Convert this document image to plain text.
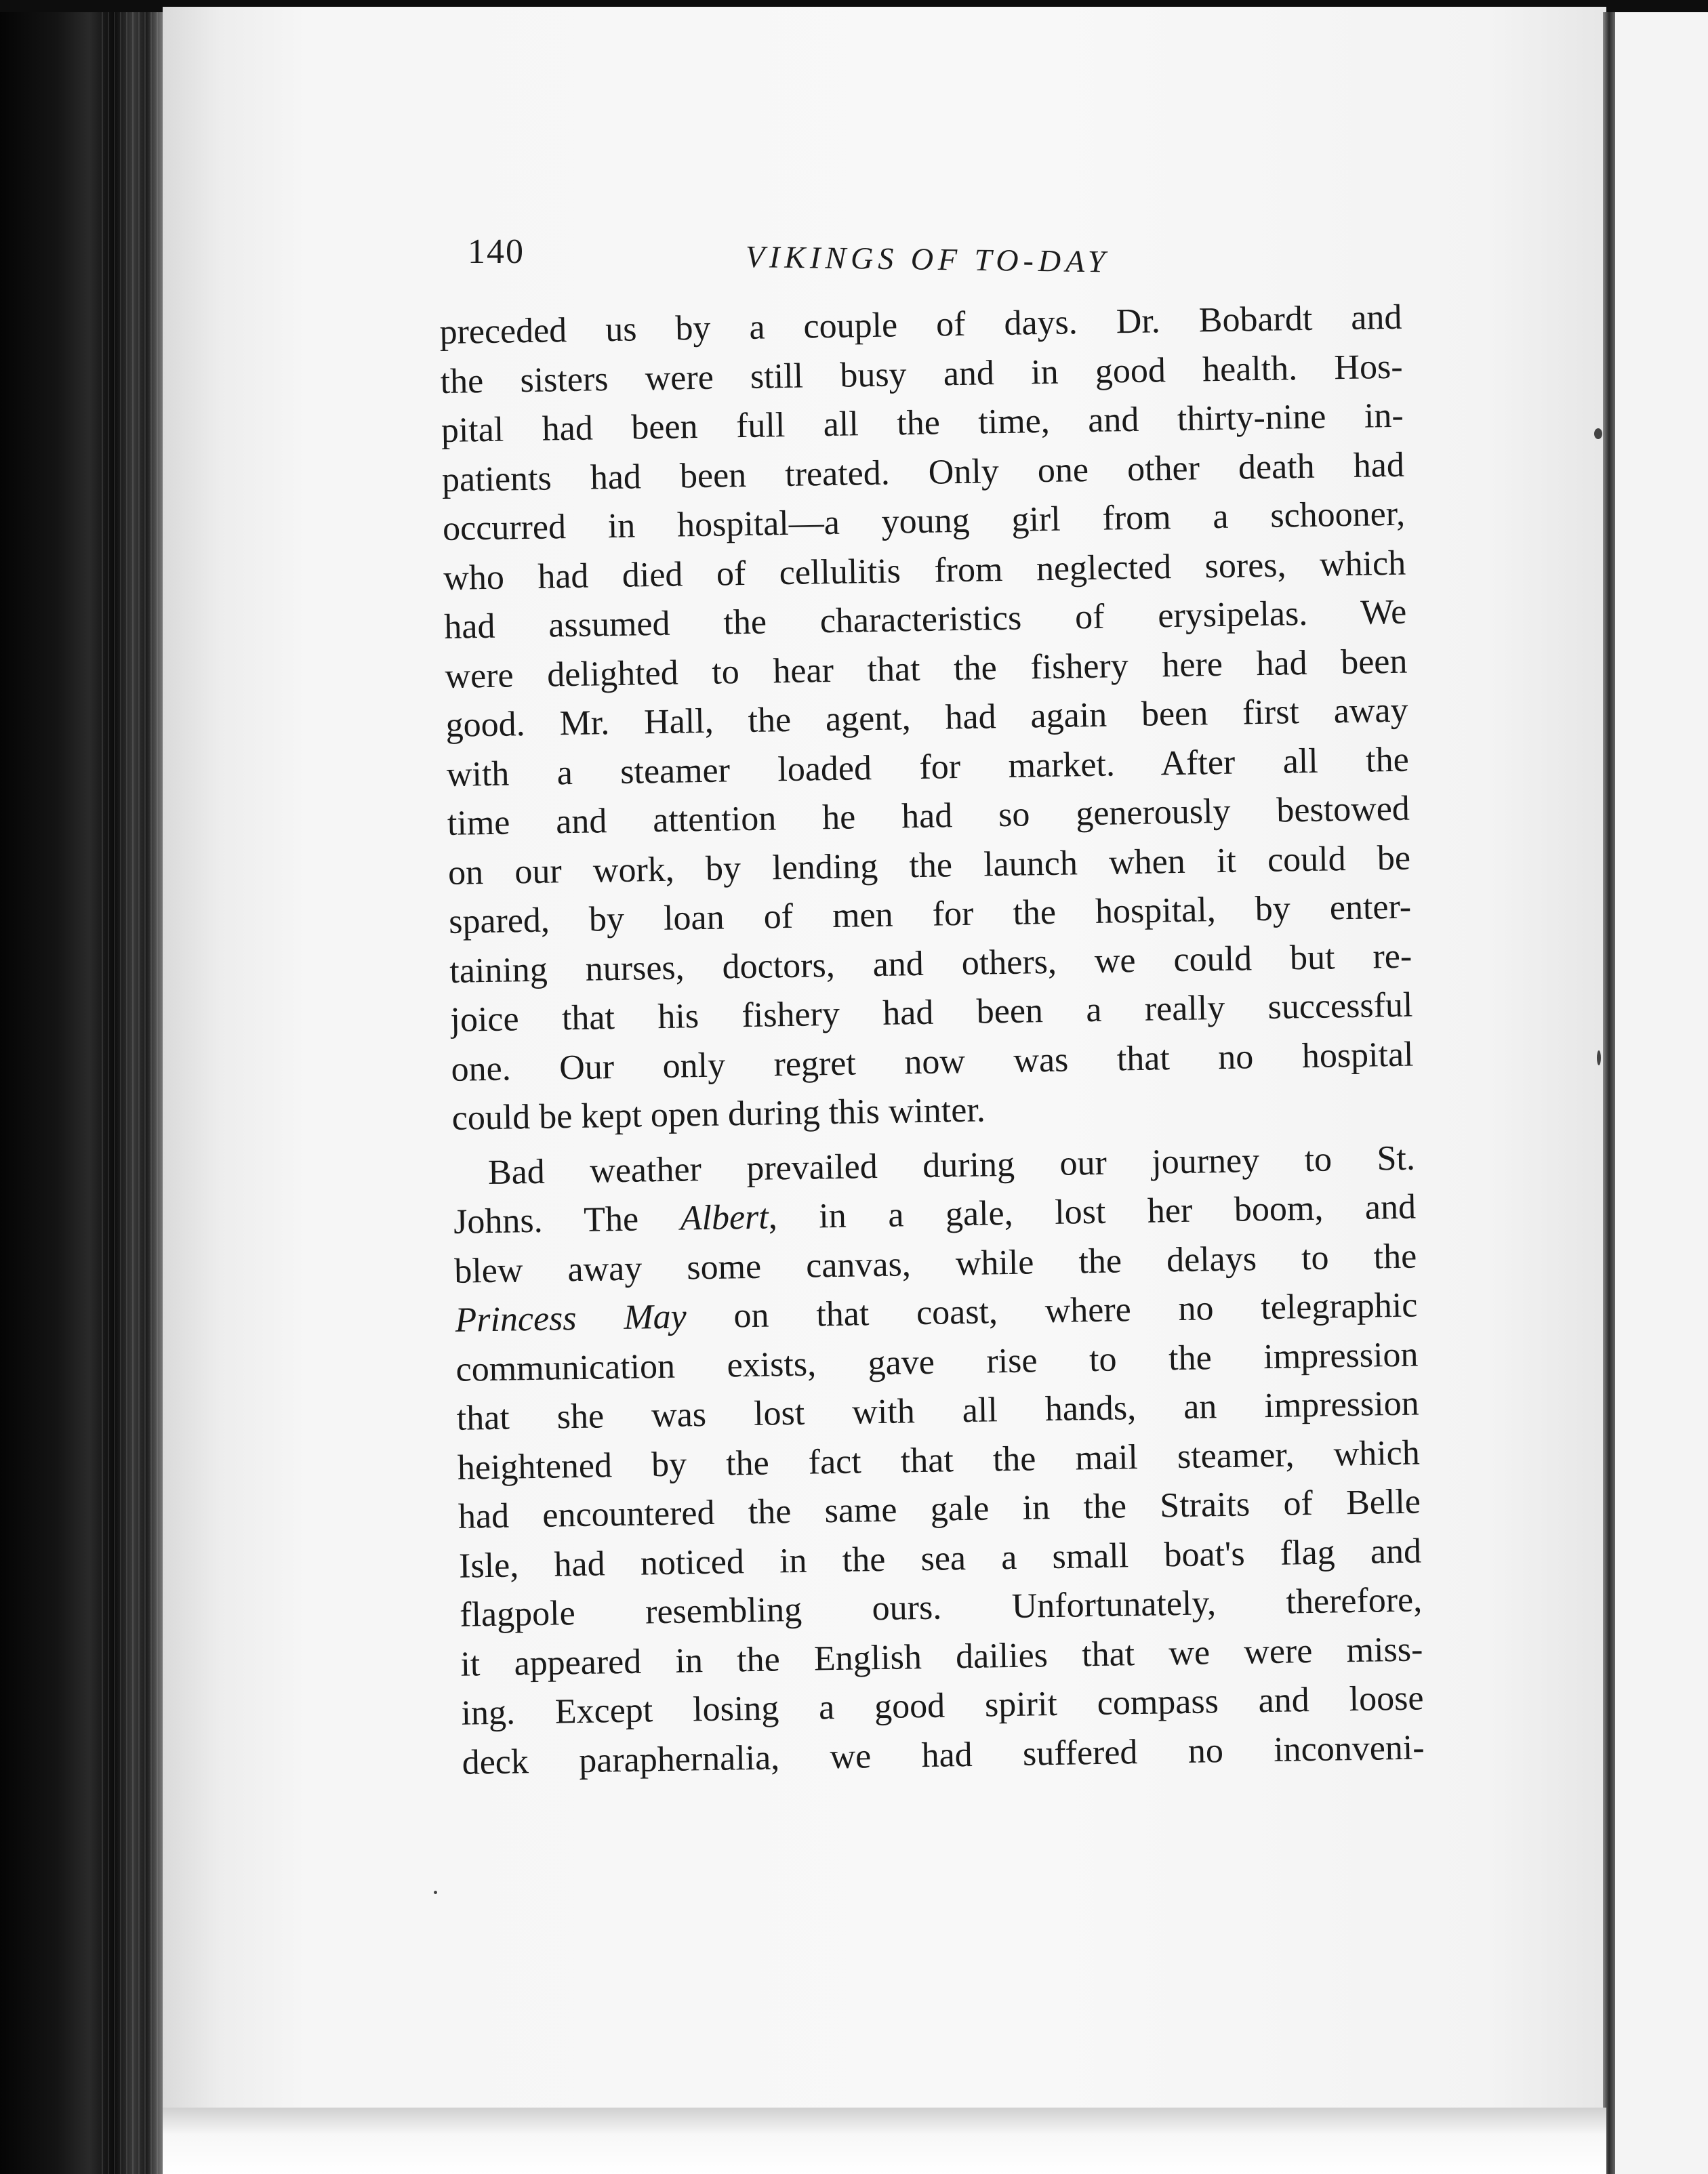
140	VIKINGS OF TO-DAY
preceded us by a couple of days. Dr. Bobardt and
the sisters were still busy and in good health. Hos-
pital had been full all the time, and thirty-nine in-
patients had been treated. Only one other death had
occurred in hospital—a young girl from a schooner,
who had died of cellulitis from neglected sores, which
had assumed the characteristics of erysipelas. We
were delighted to hear that the fishery here had been
good. Mr. Hall, the agent, had again been first away
with a steamer loaded for market. After all the
time and attention he had so generously bestowed
on our work, by lending the launch when it could be
spared, by loan of men for the hospital, by enter-
taining nurses, doctors, and others, we could but re-
joice that his fishery had been a really successful
one. Our only regret now was that no hospital
could be kept open during this winter.
Bad weather prevailed during our journey to St.
Johns. The Albert, in a gale, lost her boom, and
blew away some canvas, while the delays to the
Princess May on that coast, where no telegraphic
communication exists, gave rise to the impression
that she was lost with all hands, an impression
heightened by the fact that the mail steamer, which
had encountered the same gale in the Straits of Belle
Isle, had noticed in the sea a small boat's flag and
flagpole resembling ours. Unfortunately, therefore,
it appeared in the English dailies that we were miss-
ing. Except losing a good spirit compass and loose
deck paraphernalia, we had suffered no inconveni-
